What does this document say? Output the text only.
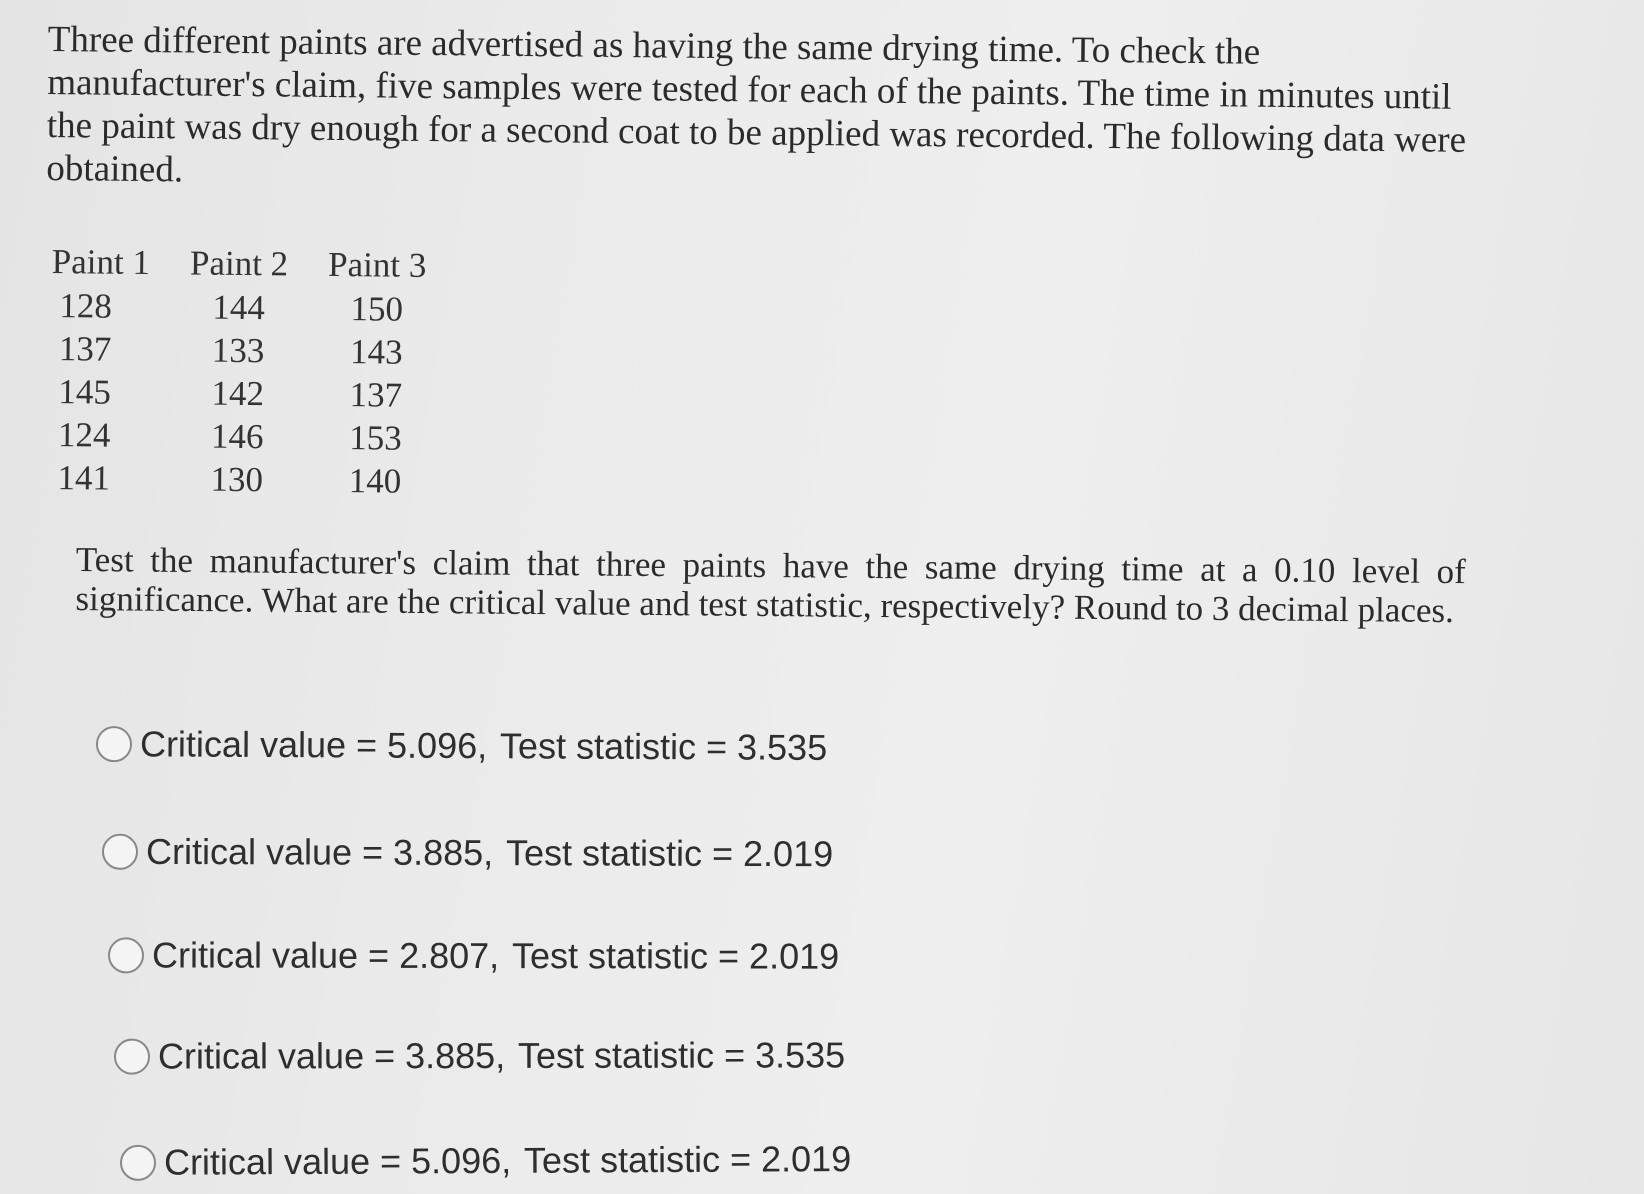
Three different paints are advertised as having the same drying time. To check the manufacturer's claim, five samples were tested for each of the paints. The time in minutes until the paint was dry enough for a second coat to be applied was recorded. The following data were obtained.

Paint 1	Paint 2	Paint 3
128	144	150
137	133	143
145	142	137
124	146	153
141	130	140

Test the manufacturer's claim that three paints have the same drying time at a 0.10 level of significance. What are the critical value and test statistic, respectively? Round to 3 decimal places.

Critical value = 5.096, Test statistic = 3.535
Critical value = 3.885, Test statistic = 2.019
Critical value = 2.807, Test statistic = 2.019
Critical value = 3.885, Test statistic = 3.535
Critical value = 5.096, Test statistic = 2.019
